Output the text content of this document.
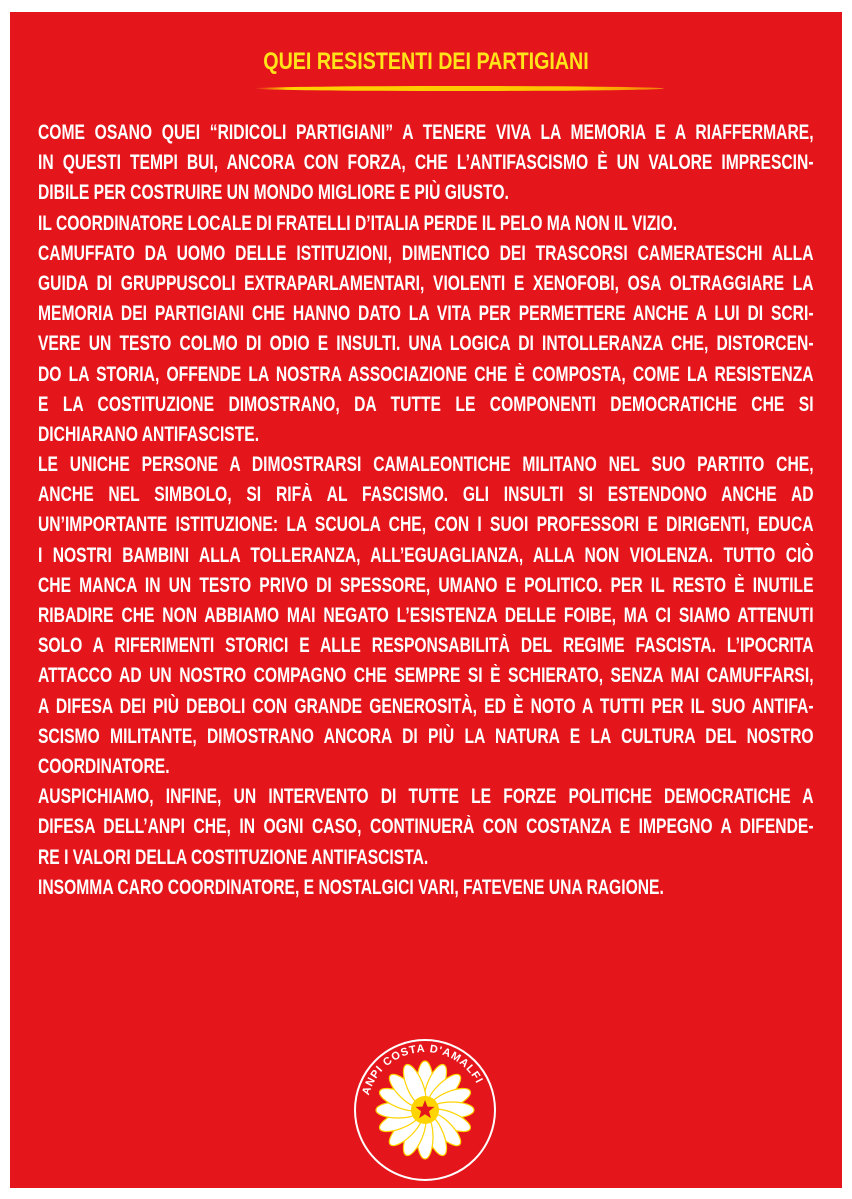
QUEI RESISTENTI DEI PARTIGIANI
COME OSANO QUEI “RIDICOLI PARTIGIANI” A TENERE VIVA LA MEMORIA E A RIAFFERMARE,
IN QUESTI TEMPI BUI, ANCORA CON FORZA, CHE L’ANTIFASCISMO È UN VALORE IMPRESCIN-
DIBILE PER COSTRUIRE UN MONDO MIGLIORE E PIÙ GIUSTO.
IL COORDINATORE LOCALE DI FRATELLI D’ITALIA PERDE IL PELO MA NON IL VIZIO.
CAMUFFATO DA UOMO DELLE ISTITUZIONI, DIMENTICO DEI TRASCORSI CAMERATESCHI ALLA
GUIDA DI GRUPPUSCOLI EXTRAPARLAMENTARI, VIOLENTI E XENOFOBI, OSA OLTRAGGIARE LA
MEMORIA DEI PARTIGIANI CHE HANNO DATO LA VITA PER PERMETTERE ANCHE A LUI DI SCRI-
VERE UN TESTO COLMO DI ODIO E INSULTI. UNA LOGICA DI INTOLLERANZA CHE, DISTORCEN-
DO LA STORIA, OFFENDE LA NOSTRA ASSOCIAZIONE CHE È COMPOSTA, COME LA RESISTENZA
E LA COSTITUZIONE DIMOSTRANO, DA TUTTE LE COMPONENTI DEMOCRATICHE CHE SI
DICHIARANO ANTIFASCISTE.
LE UNICHE PERSONE A DIMOSTRARSI CAMALEONTICHE MILITANO NEL SUO PARTITO CHE,
ANCHE NEL SIMBOLO, SI RIFÀ AL FASCISMO. GLI INSULTI SI ESTENDONO ANCHE AD
UN’IMPORTANTE ISTITUZIONE: LA SCUOLA CHE, CON I SUOI PROFESSORI E DIRIGENTI, EDUCA
I NOSTRI BAMBINI ALLA TOLLERANZA, ALL’EGUAGLIANZA, ALLA NON VIOLENZA. TUTTO CIÒ
CHE MANCA IN UN TESTO PRIVO DI SPESSORE, UMANO E POLITICO. PER IL RESTO È INUTILE
RIBADIRE CHE NON ABBIAMO MAI NEGATO L’ESISTENZA DELLE FOIBE, MA CI SIAMO ATTENUTI
SOLO A RIFERIMENTI STORICI E ALLE RESPONSABILITÀ DEL REGIME FASCISTA. L’IPOCRITA
ATTACCO AD UN NOSTRO COMPAGNO CHE SEMPRE SI È SCHIERATO, SENZA MAI CAMUFFARSI,
A DIFESA DEI PIÙ DEBOLI CON GRANDE GENEROSITÀ, ED È NOTO A TUTTI PER IL SUO ANTIFA-
SCISMO MILITANTE, DIMOSTRANO ANCORA DI PIÙ LA NATURA E LA CULTURA DEL NOSTRO
COORDINATORE.
AUSPICHIAMO, INFINE, UN INTERVENTO DI TUTTE LE FORZE POLITICHE DEMOCRATICHE A
DIFESA DELL’ANPI CHE, IN OGNI CASO, CONTINUERÀ CON COSTANZA E IMPEGNO A DIFENDE-
RE I VALORI DELLA COSTITUZIONE ANTIFASCISTA.
INSOMMA CARO COORDINATORE, E NOSTALGICI VARI, FATEVENE UNA RAGIONE.
ANPI COSTA D'AMALFI
